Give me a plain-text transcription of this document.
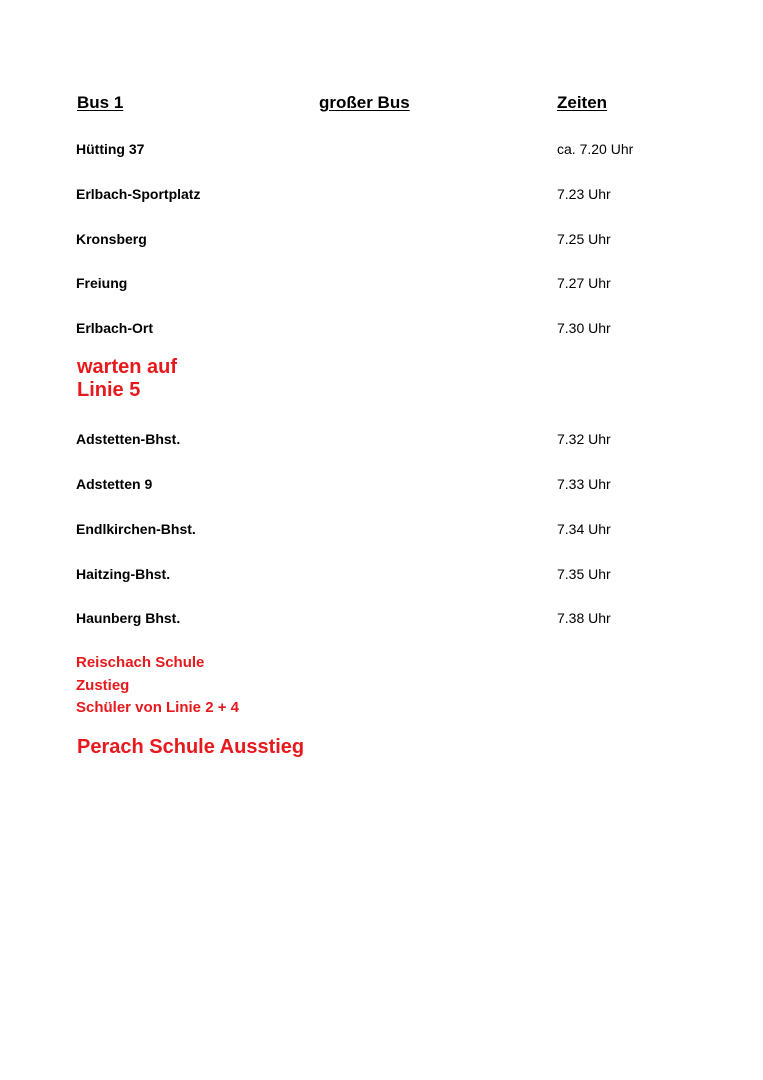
Bus 1	großer Bus	Zeiten
Hütting 37	ca. 7.20 Uhr
Erlbach-Sportplatz	7.23 Uhr
Kronsberg	7.25 Uhr
Freiung	7.27 Uhr
Erlbach-Ort	7.30 Uhr
warten auf
Linie 5
Adstetten-Bhst.	7.32 Uhr
Adstetten 9	7.33 Uhr
Endlkirchen-Bhst.	7.34 Uhr
Haitzing-Bhst.	7.35 Uhr
Haunberg Bhst.	7.38 Uhr
Reischach Schule
Zustieg
Schüler von Linie 2 + 4
Perach Schule Ausstieg
